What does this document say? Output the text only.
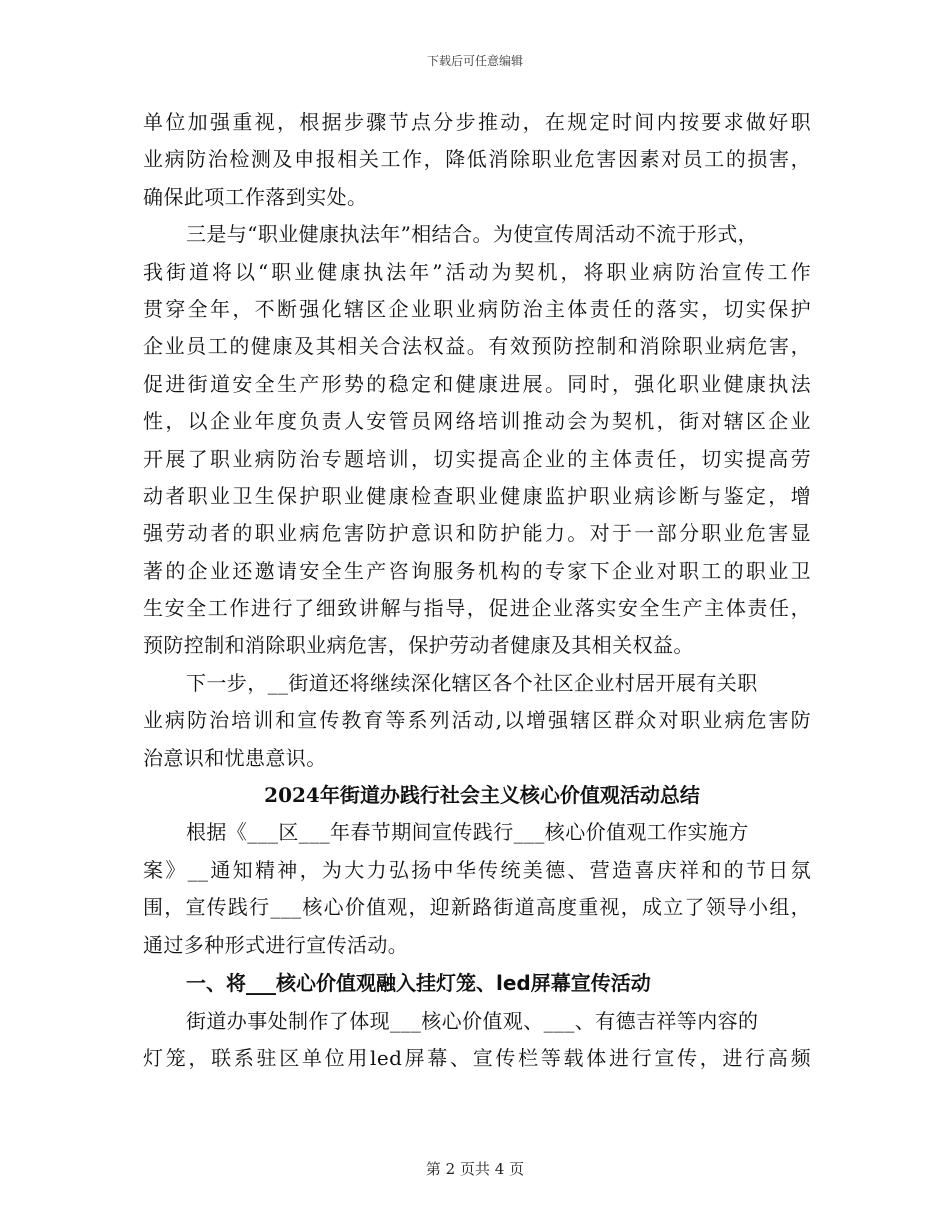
下载后可任意编辑
单位加强重视，根据步骤节点分步推动，在规定时间内按要求做好职
业病防治检测及申报相关工作，降低消除职业危害因素对员工的损害，
确保此项工作落到实处。
三是与“职业健康执法年”相结合。为使宣传周活动不流于形式，
我街道将以“职业健康执法年”活动为契机，将职业病防治宣传工作
贯穿全年，不断强化辖区企业职业病防治主体责任的落实，切实保护
企业员工的健康及其相关合法权益。有效预防控制和消除职业病危害，
促进街道安全生产形势的稳定和健康进展。同时，强化职业健康执法
性，以企业年度负责人安管员网络培训推动会为契机，街对辖区企业
开展了职业病防治专题培训，切实提高企业的主体责任，切实提高劳
动者职业卫生保护职业健康检查职业健康监护职业病诊断与鉴定，增
强劳动者的职业病危害防护意识和防护能力。对于一部分职业危害显
著的企业还邀请安全生产咨询服务机构的专家下企业对职工的职业卫
生安全工作进行了细致讲解与指导，促进企业落实安全生产主体责任，
预防控制和消除职业病危害，保护劳动者健康及其相关权益。
下一步，__街道还将继续深化辖区各个社区企业村居开展有关职
业病防治培训和宣传教育等系列活动,以增强辖区群众对职业病危害防
治意识和忧患意识。
2024年街道办践行社会主义核心价值观活动总结
根据《___区___年春节期间宣传践行___核心价值观工作实施方
案》__通知精神，为大力弘扬中华传统美德、营造喜庆祥和的节日氛
围，宣传践行___核心价值观，迎新路街道高度重视，成立了领导小组，
通过多种形式进行宣传活动。
一、将___核心价值观融入挂灯笼、led屏幕宣传活动
街道办事处制作了体现___核心价值观、___、有德吉祥等内容的
灯笼，联系驻区单位用led屏幕、宣传栏等载体进行宣传，进行高频
第 2 页共 4 页
